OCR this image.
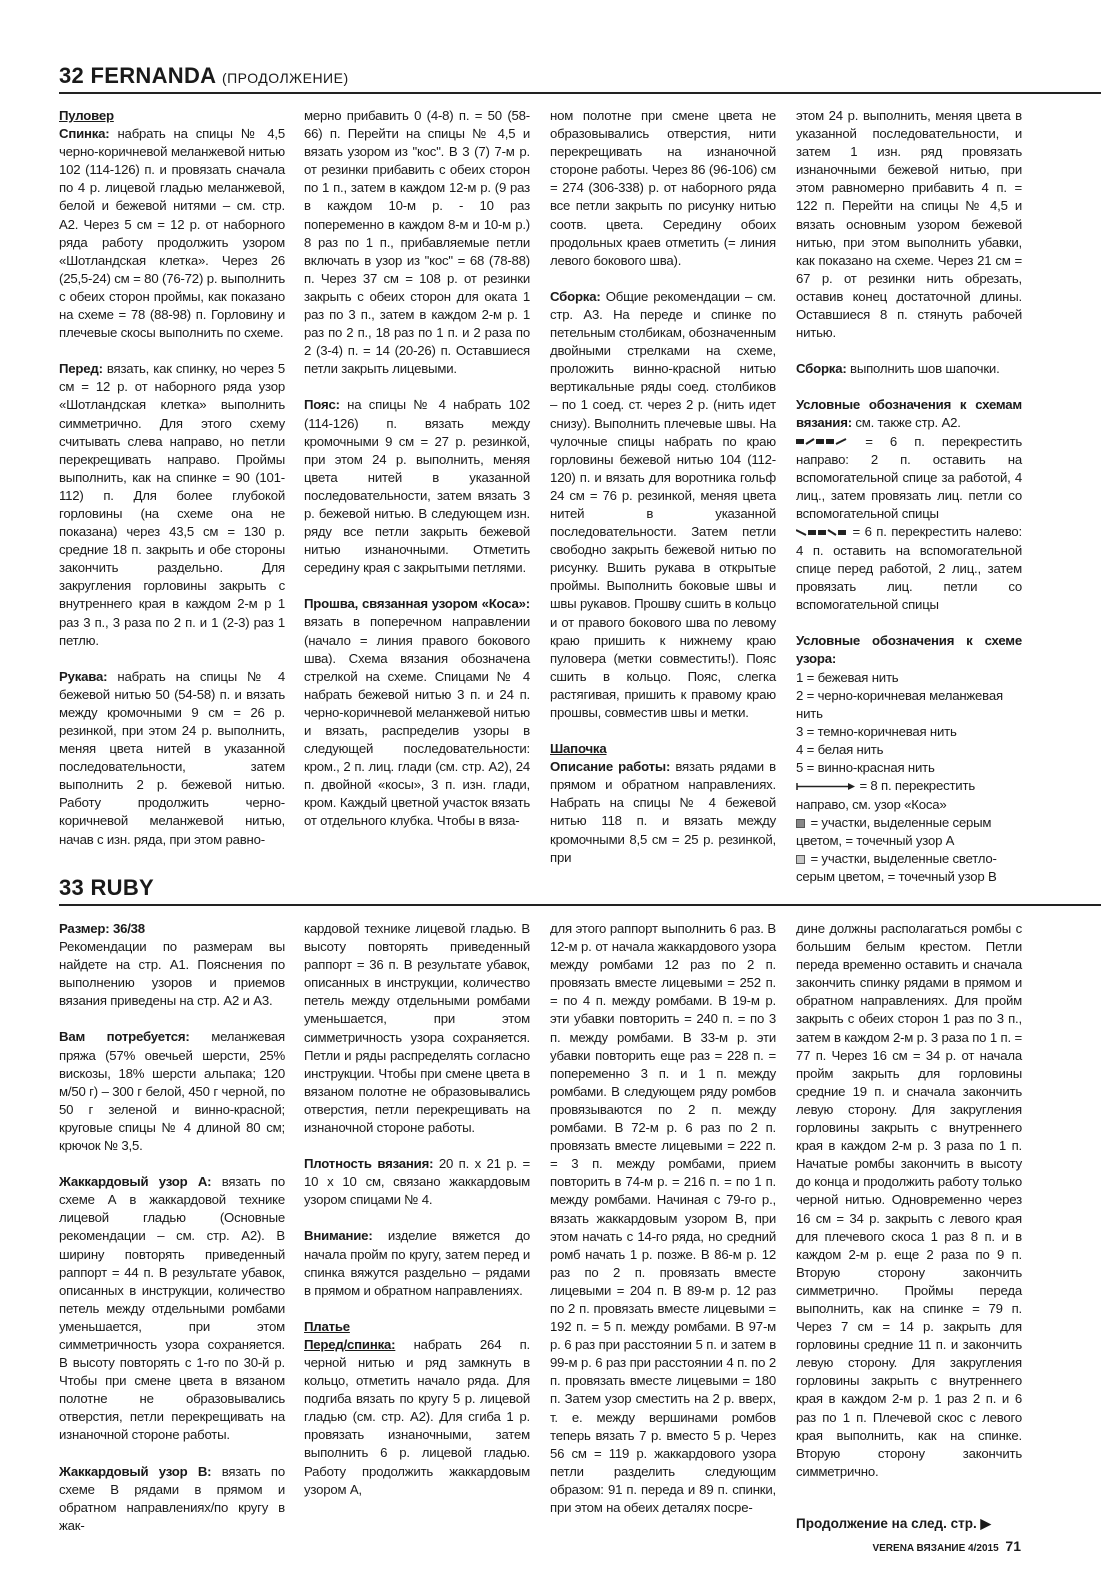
32 FERNANDA (ПРОДОЛЖЕНИЕ)

Пуловер
Спинка: набрать на спицы № 4,5 черно-коричневой меланжевой нитью 102 (114-126) п. и провязать сначала по 4 р. лицевой гладью меланжевой, белой и бежевой нитями – см. стр. А2. Через 5 см = 12 р. от наборного ряда работу продолжить узором «Шотландская клетка». Через 26 (25,5-24) см = 80 (76-72) р. выполнить с обеих сторон проймы, как показано на схеме = 78 (88-98) п. Горловину и плечевые скосы выполнить по схеме.

Перед: вязать, как спинку, но через 5 см = 12 р. от наборного ряда узор «Шотландская клетка» выполнить симметрично. Для этого схему считывать слева направо, но петли перекрещивать направо. Проймы выполнить, как на спинке = 90 (101-112) п. Для более глубокой горловины (на схеме она не показана) через 43,5 см = 130 р. средние 18 п. закрыть и обе стороны закончить раздельно. Для закругления горловины закрыть с внутреннего края в каждом 2-м р 1 раз 3 п., 3 раза по 2 п. и 1 (2-3) раз 1 петлю.

Рукава: набрать на спицы № 4 бежевой нитью 50 (54-58) п. и вязать между кромочными 9 см = 26 р. резинкой, при этом 24 р. выполнить, меняя цвета нитей в указанной последовательности, затем выполнить 2 р. бежевой нитью. Работу продолжить черно-коричневой меланжевой нитью, начав с изн. ряда, при этом равно-

мерно прибавить 0 (4-8) п. = 50 (58-66) п. Перейти на спицы № 4,5 и вязать узором из "кос". В 3 (7) 7-м р. от резинки прибавить с обеих сторон по 1 п., затем в каждом 12-м р. (9 раз в каждом 10-м р. - 10 раз попеременно в каждом 8-м и 10-м р.) 8 раз по 1 п., прибавляемые петли включать в узор из "кос" = 68 (78-88) п. Через 37 см = 108 р. от резинки закрыть с обеих сторон для оката 1 раз по 3 п., затем в каждом 2-м р. 1 раз по 2 п., 18 раз по 1 п. и 2 раза по 2 (3-4) п. = 14 (20-26) п. Оставшиеся петли закрыть лицевыми.

Пояс: на спицы № 4 набрать 102 (114-126) п. вязать между кромочными 9 см = 27 р. резинкой, при этом 24 р. выполнить, меняя цвета нитей в указанной последовательности, затем вязать 3 р. бежевой нитью. В следующем изн. ряду все петли закрыть бежевой нитью изнаночными. Отметить середину края с закрытыми петлями.

Прошва, связанная узором «Коса»: вязать в поперечном направлении (начало = линия правого бокового шва). Схема вязания обозначена стрелкой на схеме. Спицами № 4 набрать бежевой нитью 3 п. и 24 п. черно-коричневой меланжевой нитью и вязать, распределив узоры в следующей последовательности: кром., 2 п. лиц. глади (см. стр. А2), 24 п. двойной «косы», 3 п. изн. глади, кром. Каждый цветной участок вязать от отдельного клубка. Чтобы в вяза-

ном полотне при смене цвета не образовывались отверстия, нити перекрещивать на изнаночной стороне работы. Через 86 (96-106) см = 274 (306-338) р. от наборного ряда все петли закрыть по рисунку нитью соотв. цвета. Середину обоих продольных краев отметить (= линия левого бокового шва).

Сборка: Общие рекомендации – см. стр. А3. На переде и спинке по петельным столбикам, обозначенным двойными стрелками на схеме, проложить винно-красной нитью вертикальные ряды соед. столбиков – по 1 соед. ст. через 2 р. (нить идет снизу). Выполнить плечевые швы. На чулочные спицы набрать по краю горловины бежевой нитью 104 (112-120) п. и вязать для воротника гольф 24 см = 76 р. резинкой, меняя цвета нитей в указанной последовательности. Затем петли свободно закрыть бежевой нитью по рисунку. Вшить рукава в открытые проймы. Выполнить боковые швы и швы рукавов. Прошву сшить в кольцо и от правого бокового шва по левому краю пришить к нижнему краю пуловера (метки совместить!). Пояс сшить в кольцо. Пояс, слегка растягивая, пришить к правому краю прошвы, совместив швы и метки.

Шапочка
Описание работы: вязать рядами в прямом и обратном направлениях. Набрать на спицы № 4 бежевой нитью 118 п. и вязать между кромочными 8,5 см = 25 р. резинкой, при

этом 24 р. выполнить, меняя цвета в указанной последовательности, и затем 1 изн. ряд провязать изнаночными бежевой нитью, при этом равномерно прибавить 4 п. = 122 п. Перейти на спицы № 4,5 и вязать основным узором бежевой нитью, при этом выполнить убавки, как показано на схеме. Через 21 см = 67 р. от резинки нить обрезать, оставив конец достаточной длины. Оставшиеся 8 п. стянуть рабочей нитью.

Сборка: выполнить шов шапочки.

Условные обозначения к схемам вязания: см. также стр. А2.
= 6 п. перекрестить направо: 2 п. оставить на вспомогательной спице за работой, 4 лиц., затем провязать лиц. петли со вспомогательной спицы
= 6 п. перекрестить налево: 4 п. оставить на вспомогательной спице перед работой, 2 лиц., затем провязать лиц. петли со вспомогательной спицы

Условные обозначения к схеме узора:
1 = бежевая нить
2 = черно-коричневая меланжевая нить
3 = темно-коричневая нить
4 = белая нить
5 = винно-красная нить
= 8 п. перекрестить направо, см. узор «Коса»
= участки, выделенные серым цветом, = точечный узор А
= участки, выделенные светло-серым цветом, = точечный узор В

33 RUBY

Размер: 36/38
Рекомендации по размерам вы найдете на стр. А1. Пояснения по выполнению узоров и приемов вязания приведены на стр. А2 и А3.

Вам потребуется: меланжевая пряжа (57% овечьей шерсти, 25% вискозы, 18% шерсти альпака; 120 м/50 г) – 300 г белой, 450 г черной, по 50 г зеленой и винно-красной; круговые спицы № 4 длиной 80 см; крючок № 3,5.

Жаккардовый узор А: вязать по схеме А в жаккардовой технике лицевой гладью (Основные рекомендации – см. стр. А2). В ширину повторять приведенный раппорт = 44 п. В результате убавок, описанных в инструкции, количество петель между отдельными ромбами уменьшается, при этом симметричность узора сохраняется. В высоту повторять с 1-го по 30-й р. Чтобы при смене цвета в вязаном полотне не образовывались отверстия, петли перекрещивать на изнаночной стороне работы.

Жаккардовый узор В: вязать по схеме В рядами в прямом и обратном направлениях/по кругу в жак-

кардовой технике лицевой гладью. В высоту повторять приведенный раппорт = 36 п. В результате убавок, описанных в инструкции, количество петель между отдельными ромбами уменьшается, при этом симметричность узора сохраняется. Петли и ряды распределять согласно инструкции. Чтобы при смене цвета в вязаном полотне не образовывались отверстия, петли перекрещивать на изнаночной стороне работы.

Плотность вязания: 20 п. х 21 р. = 10 х 10 см, связано жаккардовым узором спицами № 4.

Внимание: изделие вяжется до начала пройм по кругу, затем перед и спинка вяжутся раздельно – рядами в прямом и обратном направлениях.

Платье
Перед/спинка: набрать 264 п. черной нитью и ряд замкнуть в кольцо, отметить начало ряда. Для подгиба вязать по кругу 5 р. лицевой гладью (см. стр. А2). Для сгиба 1 р. провязать изнаночными, затем выполнить 6 р. лицевой гладью. Работу продолжить жаккардовым узором А,

для этого раппорт выполнить 6 раз. В 12-м р. от начала жаккардового узора между ромбами 12 раз по 2 п. провязать вместе лицевыми = 252 п. = по 4 п. между ромбами. В 19-м р. эти убавки повторить = 240 п. = по 3 п. между ромбами. В 33-м р. эти убавки повторить еще раз = 228 п. = попеременно 3 п. и 1 п. между ромбами. В следующем ряду ромбов провязываются по 2 п. между ромбами. В 72-м р. 6 раз по 2 п. провязать вместе лицевыми = 222 п. = 3 п. между ромбами, прием повторить в 74-м р. = 216 п. = по 1 п. между ромбами. Начиная с 79-го р., вязать жаккардовым узором В, при этом начать с 14-го ряда, но средний ромб начать 1 р. позже. В 86-м р. 12 раз по 2 п. провязать вместе лицевыми = 204 п. В 89-м р. 12 раз по 2 п. провязать вместе лицевыми = 192 п. = 5 п. между ромбами. В 97-м р. 6 раз при расстоянии 5 п. и затем в 99-м р. 6 раз при расстоянии 4 п. по 2 п. провязать вместе лицевыми = 180 п. Затем узор сместить на 2 р. вверх, т. е. между вершинами ромбов теперь вязать 7 р. вместо 5 р. Через 56 см = 119 р. жаккардового узора петли разделить следующим образом: 91 п. переда и 89 п. спинки, при этом на обеих деталях посре-

дине должны располагаться ромбы с большим белым крестом. Петли переда временно оставить и сначала закончить спинку рядами в прямом и обратном направлениях. Для пройм закрыть с обеих сторон 1 раз по 3 п., затем в каждом 2-м р. 3 раза по 1 п. = 77 п. Через 16 см = 34 р. от начала пройм закрыть для горловины средние 19 п. и сначала закончить левую сторону. Для закругления горловины закрыть с внутреннего края в каждом 2-м р. 3 раза по 1 п. Начатые ромбы закончить в высоту до конца и продолжить работу только черной нитью. Одновременно через 16 см = 34 р. закрыть с левого края для плечевого скоса 1 раз 8 п. и в каждом 2-м р. еще 2 раза по 9 п. Вторую сторону закончить симметрично. Проймы переда выполнить, как на спинке = 79 п. Через 7 см = 14 р. закрыть для горловины средние 11 п. и закончить левую сторону. Для закругления горловины закрыть с внутреннего края в каждом 2-м р. 1 раз 2 п. и 6 раз по 1 п. Плечевой скос с левого края выполнить, как на спинке. Вторую сторону закончить симметрично.

Продолжение на след. стр. ▶
VERENA ВЯЗАНИЕ 4/2015 71
